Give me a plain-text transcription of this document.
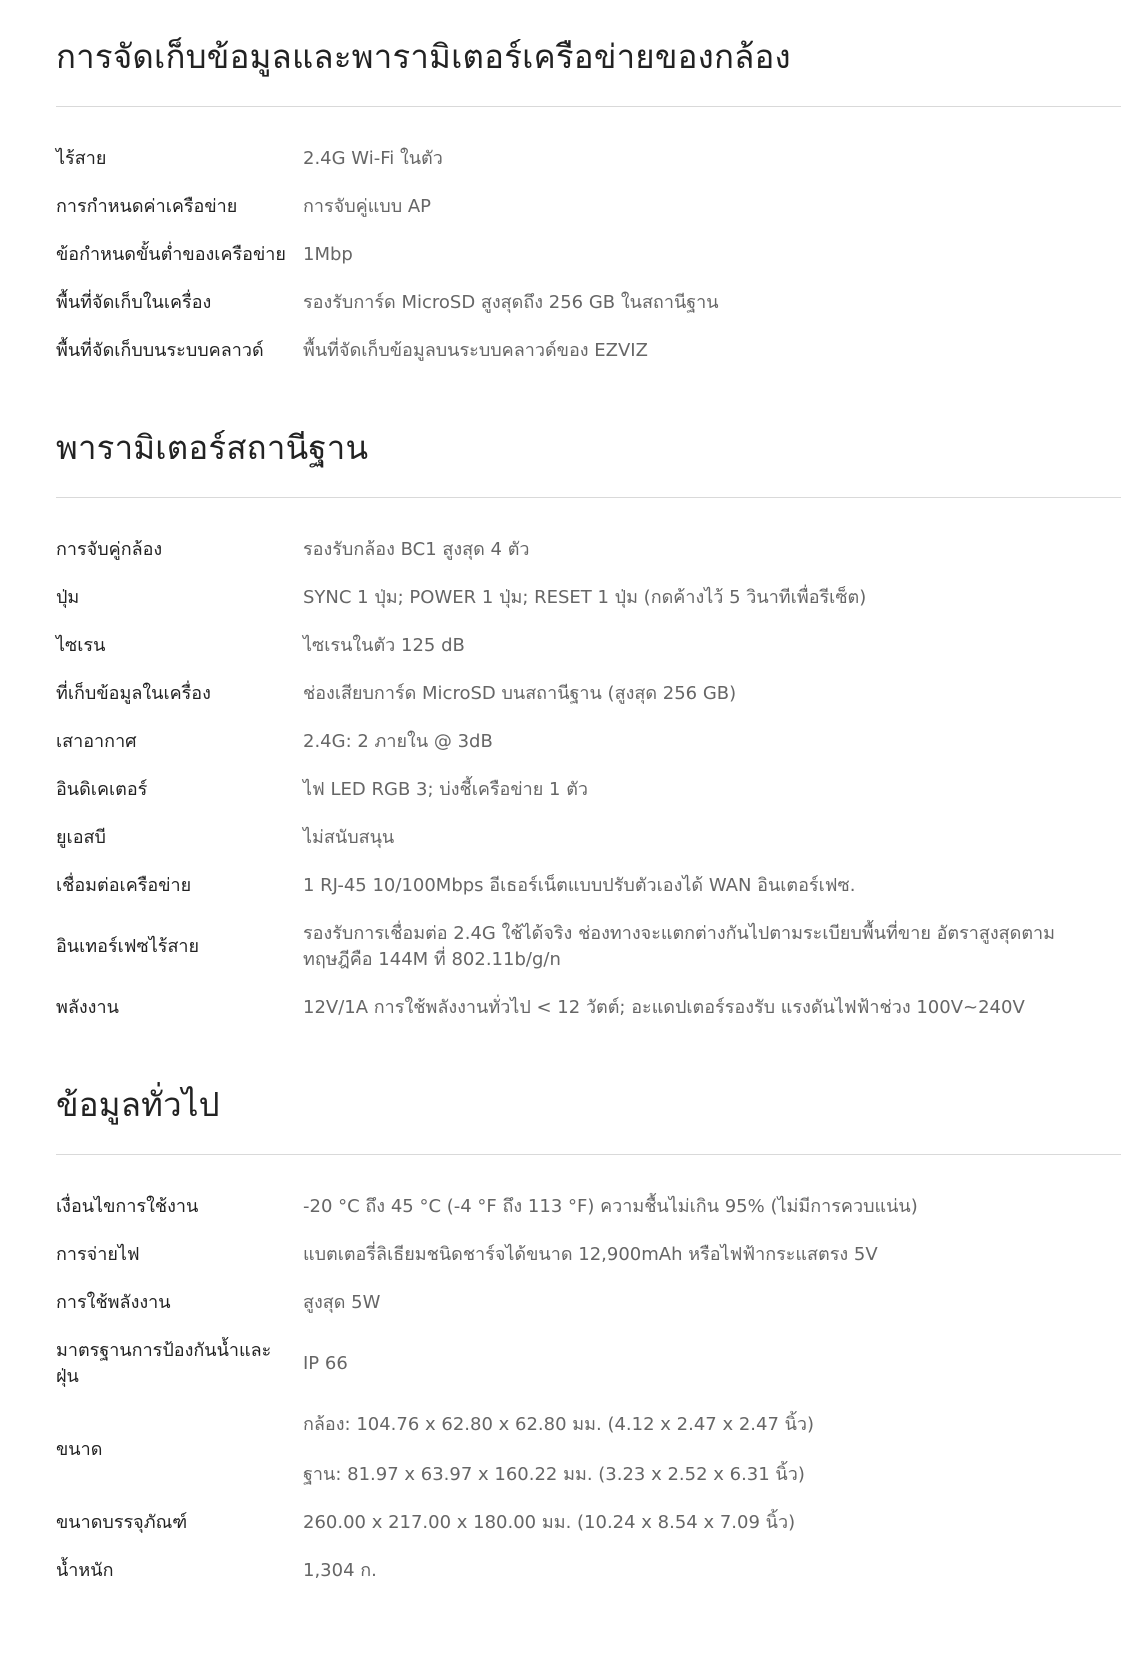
การจัดเก็บข้อมูลและพารามิเตอร์เครือข่ายของกล้อง
ไร้สาย	2.4G Wi-Fi ในตัว
การกำหนดค่าเครือข่าย	การจับคู่แบบ AP
ข้อกำหนดขั้นต่ำของเครือข่าย	1Mbp
พื้นที่จัดเก็บในเครื่อง	รองรับการ์ด MicroSD สูงสุดถึง 256 GB ในสถานีฐาน
พื้นที่จัดเก็บบนระบบคลาวด์	พื้นที่จัดเก็บข้อมูลบนระบบคลาวด์ของ EZVIZ
พารามิเตอร์สถานีฐาน
การจับคู่กล้อง	รองรับกล้อง BC1 สูงสุด 4 ตัว
ปุ่ม	SYNC 1 ปุ่ม; POWER 1 ปุ่ม; RESET 1 ปุ่ม (กดค้างไว้ 5 วินาทีเพื่อรีเซ็ต)
ไซเรน	ไซเรนในตัว 125 dB
ที่เก็บข้อมูลในเครื่อง	ช่องเสียบการ์ด MicroSD บนสถานีฐาน (สูงสุด 256 GB)
เสาอากาศ	2.4G: 2 ภายใน @ 3dB
อินดิเคเตอร์	ไฟ LED RGB 3; บ่งชี้เครือข่าย 1 ตัว
ยูเอสบี	ไม่สนับสนุน
เชื่อมต่อเครือข่าย	1 RJ-45 10/100Mbps อีเธอร์เน็ตแบบปรับตัวเองได้ WAN อินเตอร์เฟซ.
อินเทอร์เฟซไร้สาย	รองรับการเชื่อมต่อ 2.4G ใช้ได้จริง ช่องทางจะแตกต่างกันไปตามระเบียบพื้นที่ขาย อัตราสูงสุดตามทฤษฎีคือ 144M ที่ 802.11b/g/n
พลังงาน	12V/1A การใช้พลังงานทั่วไป < 12 วัตต์; อะแดปเตอร์รองรับ แรงดันไฟฟ้าช่วง 100V~240V
ข้อมูลทั่วไป
เงื่อนไขการใช้งาน	-20 °C ถึง 45 °C (-4 °F ถึง 113 °F) ความชื้นไม่เกิน 95% (ไม่มีการควบแน่น)
การจ่ายไฟ	แบตเตอรี่ลิเธียมชนิดชาร์จได้ขนาด 12,900mAh หรือไฟฟ้ากระแสตรง 5V
การใช้พลังงาน	สูงสุด 5W
มาตรฐานการป้องกันน้ำและฝุ่น	IP 66
ขนาด	กล้อง: 104.76 x 62.80 x 62.80 มม. (4.12 x 2.47 x 2.47 นิ้ว)
ฐาน: 81.97 x 63.97 x 160.22 มม. (3.23 x 2.52 x 6.31 นิ้ว)

ขนาดบรรจุภัณฑ์	260.00 x 217.00 x 180.00 มม. (10.24 x 8.54 x 7.09 นิ้ว)
น้ำหนัก	1,304 ก.
